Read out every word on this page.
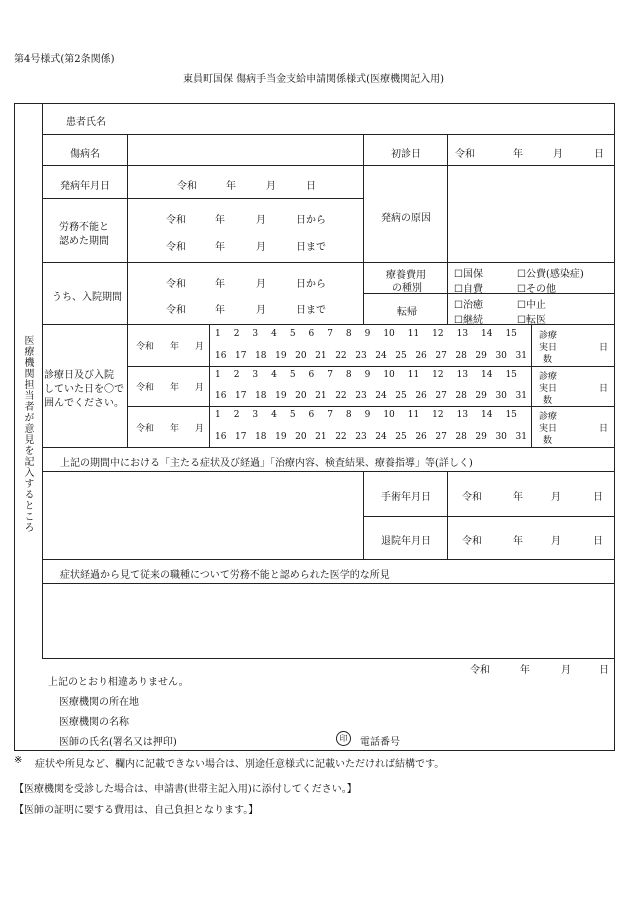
第4号様式(第2条関係)
東員町国保 傷病手当金支給申請関係様式(医療機関記入用)
医療機関担当者が意見を記入するところ
患者氏名
傷病名	初診日	令和	年	月	日
発病年月日	令和	年	月	日
発病の原因
労務不能と
認めた期間
令和	年	月	日から
令和	年	月	日まで
うち、入院期間
令和	年	月	日から
令和	年	月	日まで
療養費用
の種別
☐国保	☐公費(感染症)
☐自費	☐その他
転帰
☐治癒	☐中止
☐継続	☐転医
診療日及び入院
していた日を〇で
囲んでください。
令和 年 月
1 2 3 4 5 6 7 8 9 10 11 12 13 14 15
16 17 18 19 20 21 22 23 24 25 26 27 28 29 30 31
診療
実日	日
数
令和 年 月
1 2 3 4 5 6 7 8 9 10 11 12 13 14 15
16 17 18 19 20 21 22 23 24 25 26 27 28 29 30 31
診療
実日	日
数
令和 年 月
1 2 3 4 5 6 7 8 9 10 11 12 13 14 15
16 17 18 19 20 21 22 23 24 25 26 27 28 29 30 31
診療
実日	日
数
上記の期間中における「主たる症状及び経過」「治療内容、検査結果、療養指導」等(詳しく)
手術年月日	令和	年	月	日
退院年月日	令和	年	月	日
症状経過から見て従来の職種について労務不能と認められた医学的な所見
令和	年	月	日
上記のとおり相違ありません。
医療機関の所在地
医療機関の名称
医師の氏名(署名又は押印)	印	電話番号
※ 症状や所見など、欄内に記載できない場合は、別途任意様式に記載いただければ結構です。
【医療機関を受診した場合は、申請書(世帯主記入用)に添付してください。】
【医師の証明に要する費用は、自己負担となります。】
